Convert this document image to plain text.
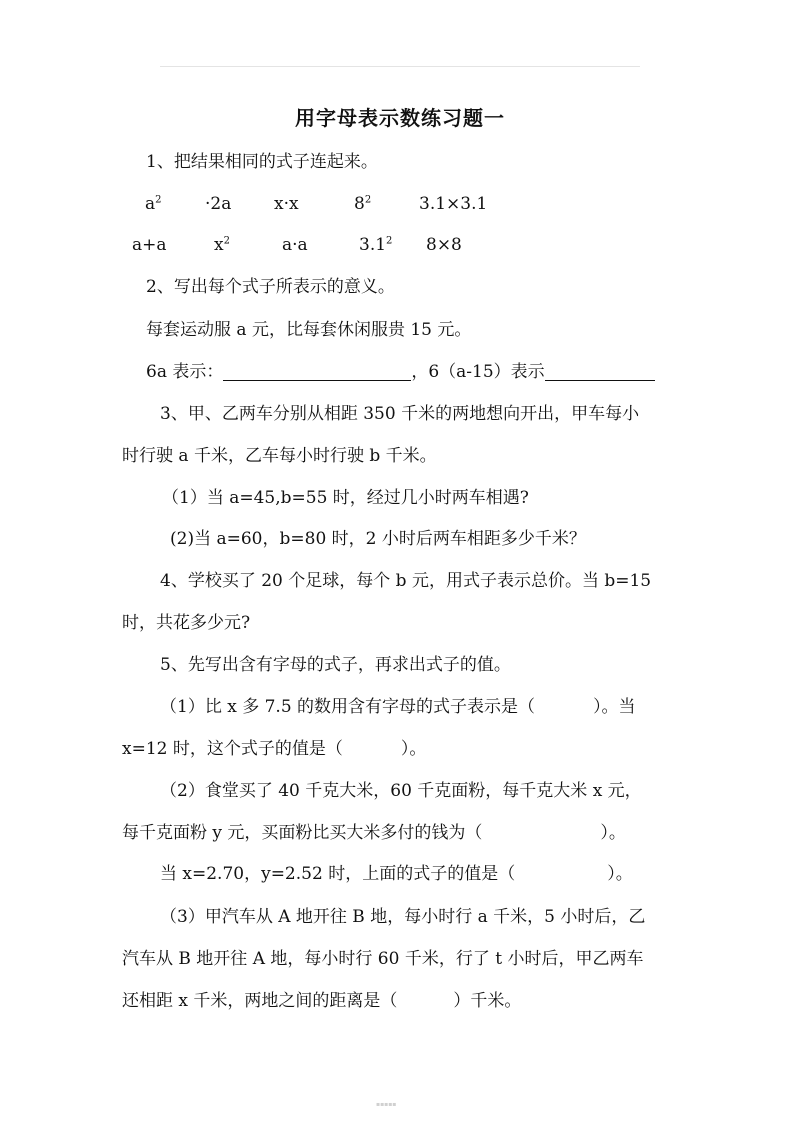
用字母表示数练习题一
1、把结果相同的式子连起来。
$a^2$	·2a	x·x	$8^2$	3.1×3.1
a+a	$x^2$	a·a	$3.1^2$ 8×8
2、写出每个式子所表示的意义。
每套运动服 a 元，比每套休闲服贵 15 元。
6a 表示：	，6（a-15）表示
3、甲、乙两车分别从相距 350 千米的两地想向开出，甲车每小
时行驶 a 千米，乙车每小时行驶 b 千米。
（1）当 a=45,b=55 时，经过几小时两车相遇?
(2)当 a=60，b=80 时，2 小时后两车相距多少千米？
4、学校买了 20 个足球，每个 b 元，用式子表示总价。当 b=15
时，共花多少元?
5、先写出含有字母的式子，再求出式子的值。
（1）比 x 多 7.5 的数用含有字母的式子表示是（	）。当
x=12 时，这个式子的值是（	）。
（2）食堂买了 40 千克大米，60 千克面粉，每千克大米 x 元，
每千克面粉 y 元，买面粉比买大米多付的钱为（	）。
当 x=2.70，y=2.52 时，上面的式子的值是（	）。
（3）甲汽车从 A 地开往 B 地，每小时行 a 千米，5 小时后，乙
汽车从 B 地开往 A 地，每小时行 60 千米，行了 t 小时后，甲乙两车
还相距 x 千米，两地之间的距离是（	）千米。
▪▪▪▪▪
